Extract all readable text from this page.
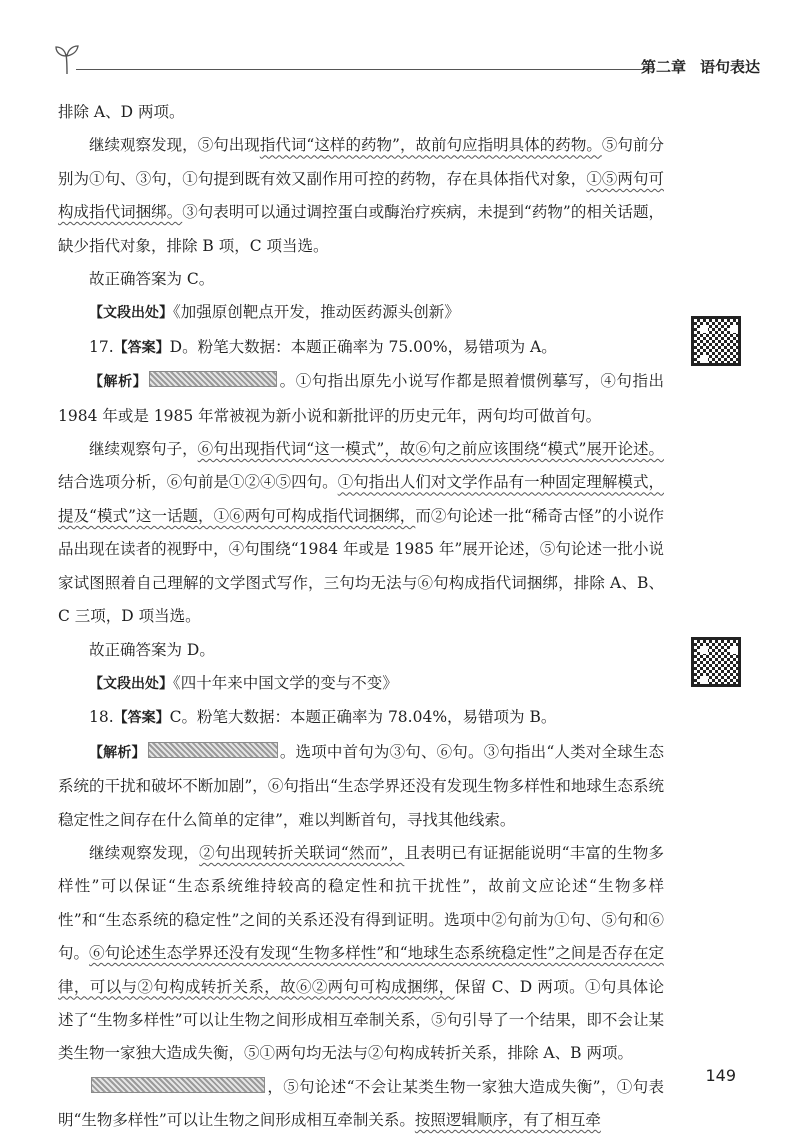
第二章 语句表达

排除 A、D 两项。

继续观察发现，⑤句出现指代词“这样的药物”，故前句应指明具体的药物。⑤句前分别为①句、③句，①句提到既有效又副作用可控的药物，存在具体指代对象，①⑤两句可构成指代词捆绑。③句表明可以通过调控蛋白或酶治疗疾病，未提到“药物”的相关话题，缺少指代对象，排除 B 项，C 项当选。

故正确答案为 C。

【文段出处】《加强原创靶点开发，推动医药源头创新》

17.【答案】D。粉笔大数据：本题正确率为 75.00%，易错项为 A。

【解析】	。①句指出原先小说写作都是照着惯例摹写，④句指出 1984 年或是 1985 年常被视为新小说和新批评的历史元年，两句均可做首句。

继续观察句子，⑥句出现指代词“这一模式”，故⑥句之前应该围绕“模式”展开论述。结合选项分析，⑥句前是①②④⑤四句。①句指出人们对文学作品有一种固定理解模式，提及“模式”这一话题，①⑥两句可构成指代词捆绑，而②句论述一批“稀奇古怪”的小说作品出现在读者的视野中，④句围绕“1984 年或是 1985 年”展开论述，⑤句论述一批小说家试图照着自己理解的文学图式写作，三句均无法与⑥句构成指代词捆绑，排除 A、B、C 三项，D 项当选。

故正确答案为 D。

【文段出处】《四十年来中国文学的变与不变》

18.【答案】C。粉笔大数据：本题正确率为 78.04%，易错项为 B。

【解析】	。选项中首句为③句、⑥句。③句指出“人类对全球生态系统的干扰和破坏不断加剧”，⑥句指出“生态学界还没有发现生物多样性和地球生态系统稳定性之间存在什么简单的定律”，难以判断首句，寻找其他线索。

继续观察发现，②句出现转折关联词“然而”，且表明已有证据能说明“丰富的生物多样性”可以保证“生态系统维持较高的稳定性和抗干扰性”，故前文应论述“生物多样性”和“生态系统的稳定性”之间的关系还没有得到证明。选项中②句前为①句、⑤句和⑥句。⑥句论述生态学界还没有发现“生物多样性”和“地球生态系统稳定性”之间是否存在定律，可以与②句构成转折关系，故⑥②两句可构成捆绑，保留 C、D 两项。①句具体论述了“生物多样性”可以让生物之间形成相互牵制关系，⑤句引导了一个结果，即不会让某类生物一家独大造成失衡，⑤①两句均无法与②句构成转折关系，排除 A、B 两项。

，⑤句论述“不会让某类生物一家独大造成失衡”，①句表明“生物多样性”可以让生物之间形成相互牵制关系。按照逻辑顺序，有了相互牵

149
